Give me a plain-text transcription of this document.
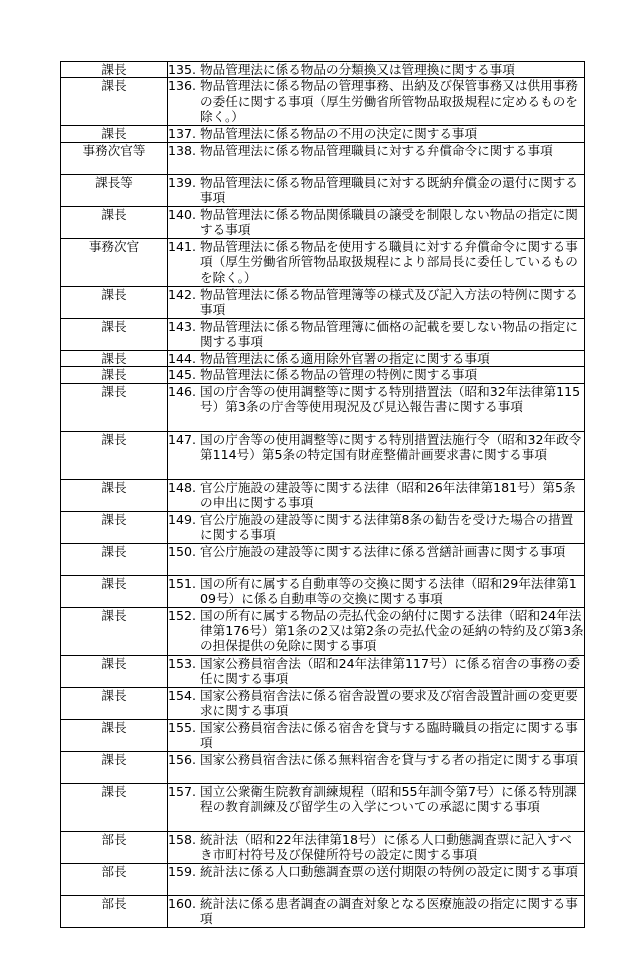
課長	135. 物品管理法に係る物品の分類換又は管理換に関する事項

課長	136. 物品管理法に係る物品の管理事務、出納及び保管事務又は供用事務の委任に関する事項（厚生労働省所管物品取扱規程に定めるものを除く。）

課長	137. 物品管理法に係る物品の不用の決定に関する事項

事務次官等	138. 物品管理法に係る物品管理職員に対する弁償命令に関する事項

課長等	139. 物品管理法に係る物品管理職員に対する既納弁償金の還付に関する事項

課長	140. 物品管理法に係る物品関係職員の譲受を制限しない物品の指定に関する事項

事務次官	141. 物品管理法に係る物品を使用する職員に対する弁償命令に関する事項（厚生労働省所管物品取扱規程により部局長に委任しているものを除く。）

課長	142. 物品管理法に係る物品管理簿等の様式及び記入方法の特例に関する事項

課長	143. 物品管理法に係る物品管理簿に価格の記載を要しない物品の指定に関する事項

課長	144. 物品管理法に係る適用除外官署の指定に関する事項

課長	145. 物品管理法に係る物品の管理の特例に関する事項

課長	146. 国の庁舎等の使用調整等に関する特別措置法（昭和32年法律第115号）第3条の庁舎等使用現況及び見込報告書に関する事項

課長	147. 国の庁舎等の使用調整等に関する特別措置法施行令（昭和32年政令第114号）第5条の特定国有財産整備計画要求書に関する事項

課長	148. 官公庁施設の建設等に関する法律（昭和26年法律第181号）第5条の申出に関する事項

課長	149. 官公庁施設の建設等に関する法律第8条の勧告を受けた場合の措置に関する事項

課長	150. 官公庁施設の建設等に関する法律に係る営繕計画書に関する事項

課長	151. 国の所有に属する自動車等の交換に関する法律（昭和29年法律第109号）に係る自動車等の交換に関する事項

課長	152. 国の所有に属する物品の売払代金の納付に関する法律（昭和24年法律第176号）第1条の2又は第2条の売払代金の延納の特約及び第3条の担保提供の免除に関する事項

課長	153. 国家公務員宿舎法（昭和24年法律第117号）に係る宿舎の事務の委任に関する事項

課長	154. 国家公務員宿舎法に係る宿舎設置の要求及び宿舎設置計画の変更要求に関する事項

課長	155. 国家公務員宿舎法に係る宿舎を貸与する臨時職員の指定に関する事項

課長	156. 国家公務員宿舎法に係る無料宿舎を貸与する者の指定に関する事項

課長	157. 国立公衆衛生院教育訓練規程（昭和55年訓令第7号）に係る特別課程の教育訓練及び留学生の入学についての承認に関する事項

部長	158. 統計法（昭和22年法律第18号）に係る人口動態調査票に記入すべき市町村符号及び保健所符号の設定に関する事項

部長	159. 統計法に係る人口動態調査票の送付期限の特例の設定に関する事項

部長	160. 統計法に係る患者調査の調査対象となる医療施設の指定に関する事項
